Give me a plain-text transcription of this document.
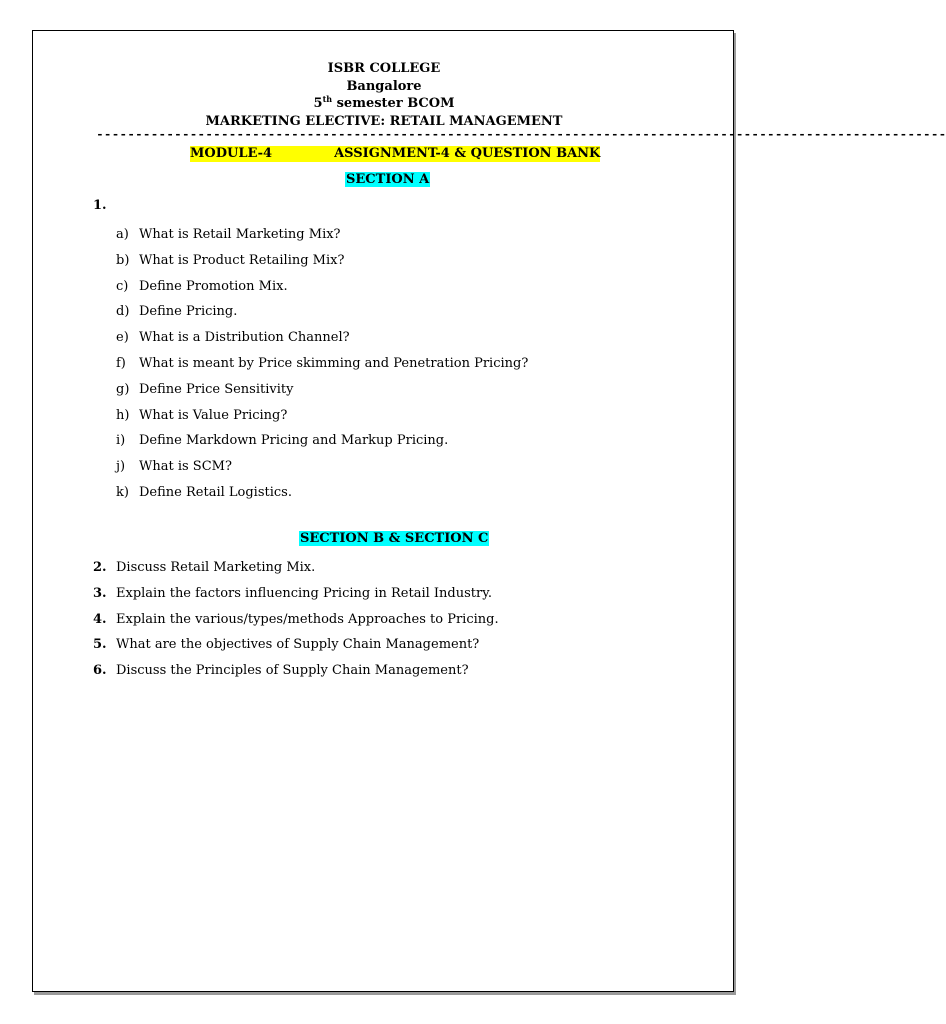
ISBR COLLEGE
Bangalore
5th semester BCOM
MARKETING ELECTIVE: RETAIL MANAGEMENT
-------------------------------------------------------------------------------------------------------------
MODULE-4	ASSIGNMENT-4 & QUESTION BANK
SECTION A
1.
a) What is Retail Marketing Mix?
b) What is Product Retailing Mix?
c) Define Promotion Mix.
d) Define Pricing.
e) What is a Distribution Channel?
f) What is meant by Price skimming and Penetration Pricing?
g) Define Price Sensitivity
h) What is Value Pricing?
i) Define Markdown Pricing and Markup Pricing.
j) What is SCM?
k) Define Retail Logistics.
SECTION B & SECTION C
2. Discuss Retail Marketing Mix.
3. Explain the factors influencing Pricing in Retail Industry.
4. Explain the various/types/methods Approaches to Pricing.
5. What are the objectives of Supply Chain Management?
6. Discuss the Principles of Supply Chain Management?
